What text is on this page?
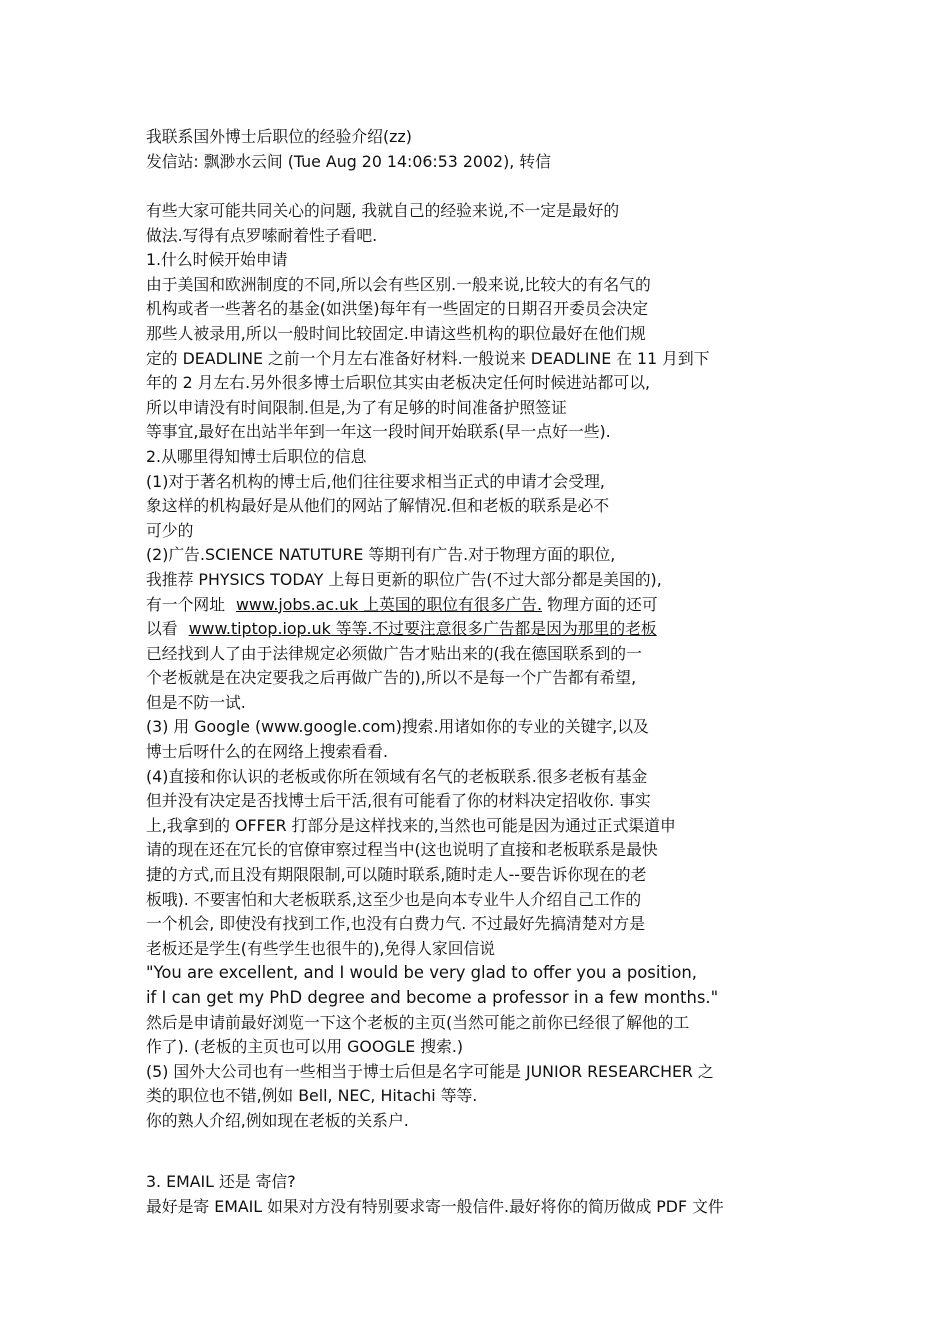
我联系国外博士后职位的经验介绍(zz)
发信站: 飘渺水云间 (Tue Aug 20 14:06:53 2002), 转信
有些大家可能共同关心的问题, 我就自己的经验来说,不一定是最好的
做法.写得有点罗嗦耐着性子看吧.
1.什么时候开始申请
由于美国和欧洲制度的不同,所以会有些区别.一般来说,比较大的有名气的
机构或者一些著名的基金(如洪堡)每年有一些固定的日期召开委员会决定
那些人被录用,所以一般时间比较固定.申请这些机构的职位最好在他们规
定的 DEADLINE 之前一个月左右准备好材料.一般说来 DEADLINE 在 11 月到下
年的 2 月左右.另外很多博士后职位其实由老板决定任何时候进站都可以,
所以申请没有时间限制.但是,为了有足够的时间准备护照签证
等事宜,最好在出站半年到一年这一段时间开始联系(早一点好一些).
2.从哪里得知博士后职位的信息
(1)对于著名机构的博士后,他们往往要求相当正式的申请才会受理,
象这样的机构最好是从他们的网站了解情况.但和老板的联系是必不
可少的
(2)广告.SCIENCE NATUTURE 等期刊有广告.对于物理方面的职位,
我推荐 PHYSICS TODAY 上每日更新的职位广告(不过大部分都是美国的),
有一个网址 www.jobs.ac.uk 上英国的职位有很多广告. 物理方面的还可
以看 www.tiptop.iop.uk 等等.不过要注意很多广告都是因为那里的老板
已经找到人了由于法律规定必须做广告才贴出来的(我在德国联系到的一
个老板就是在决定要我之后再做广告的),所以不是每一个广告都有希望,
但是不防一试.
(3) 用 Google (www.google.com)搜索.用诸如你的专业的关键字,以及
博士后呀什么的在网络上搜索看看.
(4)直接和你认识的老板或你所在领域有名气的老板联系.很多老板有基金
但并没有决定是否找博士后干活,很有可能看了你的材料决定招收你. 事实
上,我拿到的 OFFER 打部分是这样找来的,当然也可能是因为通过正式渠道申
请的现在还在冗长的官僚审察过程当中(这也说明了直接和老板联系是最快
捷的方式,而且没有期限限制,可以随时联系,随时走人--要告诉你现在的老
板哦). 不要害怕和大老板联系,这至少也是向本专业牛人介绍自己工作的
一个机会, 即使没有找到工作,也没有白费力气. 不过最好先搞清楚对方是
老板还是学生(有些学生也很牛的),免得人家回信说
"You are excellent, and I would be very glad to offer you a position,
if I can get my PhD degree and become a professor in a few months."
然后是申请前最好浏览一下这个老板的主页(当然可能之前你已经很了解他的工
作了). (老板的主页也可以用 GOOGLE 搜索.)
(5) 国外大公司也有一些相当于博士后但是名字可能是 JUNIOR RESEARCHER 之
类的职位也不错,例如 Bell, NEC, Hitachi 等等.
你的熟人介绍,例如现在老板的关系户.
3. EMAIL 还是 寄信?
最好是寄 EMAIL 如果对方没有特别要求寄一般信件.最好将你的简历做成 PDF 文件
